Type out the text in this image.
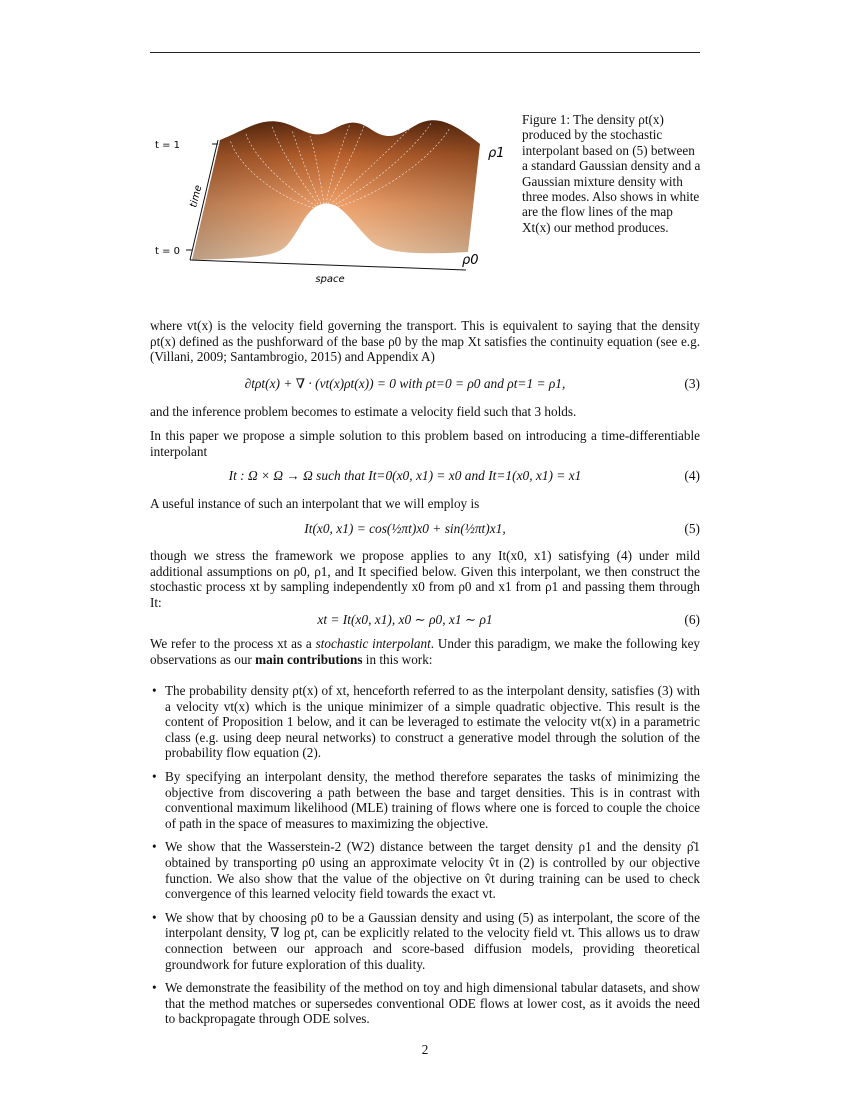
t = 1
t = 0
time
space
ρ1
ρ0
Figure 1: The density ρt(x) produced by the stochastic interpolant based on (5) between a standard Gaussian density and a Gaussian mixture density with three modes. Also shows in white are the flow lines of the map Xt(x) our method produces.
where vt(x) is the velocity field governing the transport. This is equivalent to saying that the density ρt(x) defined as the pushforward of the base ρ0 by the map Xt satisfies the continuity equation (see e.g. (Villani, 2009; Santambrogio, 2015) and Appendix A)
∂tρt(x) + ∇ · (vt(x)ρt(x)) = 0 with ρt=0 = ρ0 and ρt=1 = ρ1,	(3)
and the inference problem becomes to estimate a velocity field such that 3 holds.
In this paper we propose a simple solution to this problem based on introducing a time-differentiable interpolant
It : Ω × Ω → Ω such that It=0(x0, x1) = x0 and It=1(x0, x1) = x1	(4)
A useful instance of such an interpolant that we will employ is
It(x0, x1) = cos(½πt)x0 + sin(½πt)x1,	(5)
though we stress the framework we propose applies to any It(x0, x1) satisfying (4) under mild additional assumptions on ρ0, ρ1, and It specified below. Given this interpolant, we then construct the stochastic process xt by sampling independently x0 from ρ0 and x1 from ρ1 and passing them through It:
xt = It(x0, x1), x0 ∼ ρ0, x1 ∼ ρ1	(6)
We refer to the process xt as a stochastic interpolant. Under this paradigm, we make the following key observations as our main contributions in this work:
• The probability density ρt(x) of xt, henceforth referred to as the interpolant density, satisfies (3) with a velocity vt(x) which is the unique minimizer of a simple quadratic objective. This result is the content of Proposition 1 below, and it can be leveraged to estimate the velocity vt(x) in a parametric class (e.g. using deep neural networks) to construct a generative model through the solution of the probability flow equation (2).
• By specifying an interpolant density, the method therefore separates the tasks of minimizing the objective from discovering a path between the base and target densities. This is in contrast with conventional maximum likelihood (MLE) training of flows where one is forced to couple the choice of path in the space of measures to maximizing the objective.
• We show that the Wasserstein-2 (W2) distance between the target density ρ1 and the density ρ̂1 obtained by transporting ρ0 using an approximate velocity v̂t in (2) is controlled by our objective function. We also show that the value of the objective on v̂t during training can be used to check convergence of this learned velocity field towards the exact vt.
• We show that by choosing ρ0 to be a Gaussian density and using (5) as interpolant, the score of the interpolant density, ∇ log ρt, can be explicitly related to the velocity field vt. This allows us to draw connection between our approach and score-based diffusion models, providing theoretical groundwork for future exploration of this duality.
• We demonstrate the feasibility of the method on toy and high dimensional tabular datasets, and show that the method matches or supersedes conventional ODE flows at lower cost, as it avoids the need to backpropagate through ODE solves.
2
